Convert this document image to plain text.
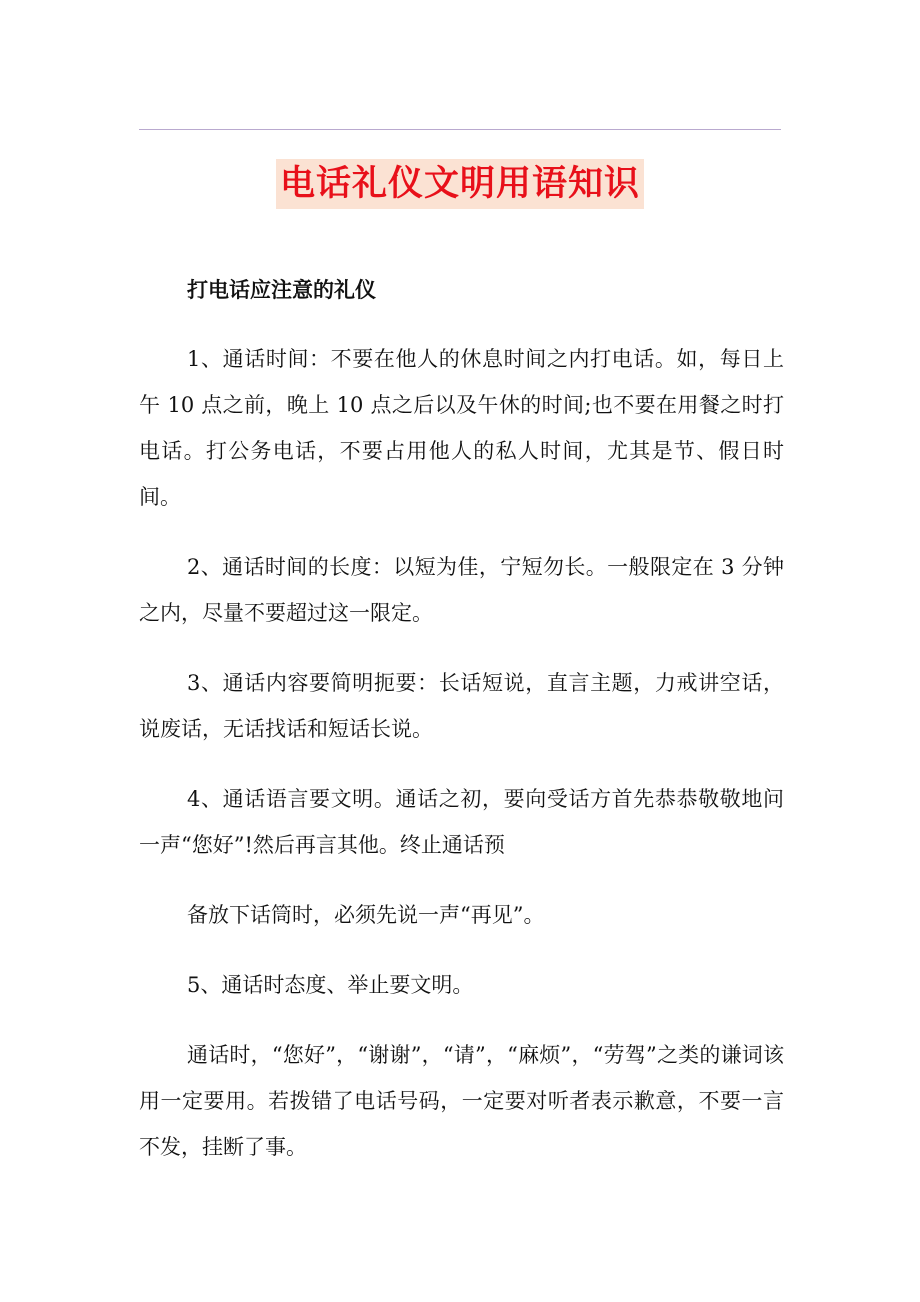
电话礼仪文明用语知识
打电话应注意的礼仪

1、通话时间：不要在他人的休息时间之内打电话。如，每日上午 10 点之前，晚上 10 点之后以及午休的时间;也不要在用餐之时打电话。打公务电话，不要占用他人的私人时间，尤其是节、假日时间。

2、通话时间的长度：以短为佳，宁短勿长。一般限定在 3 分钟之内，尽量不要超过这一限定。

3、通话内容要简明扼要：长话短说，直言主题，力戒讲空话，说废话，无话找话和短话长说。

4、通话语言要文明。通话之初，要向受话方首先恭恭敬敬地问一声“您好”!然后再言其他。终止通话预

备放下话筒时，必须先说一声“再见”。

5、通话时态度、举止要文明。

通话时，“您好”，“谢谢”，“请”，“麻烦”，“劳驾”之类的谦词该用一定要用。若拨错了电话号码，一定要对听者表示歉意，不要一言不发，挂断了事。
